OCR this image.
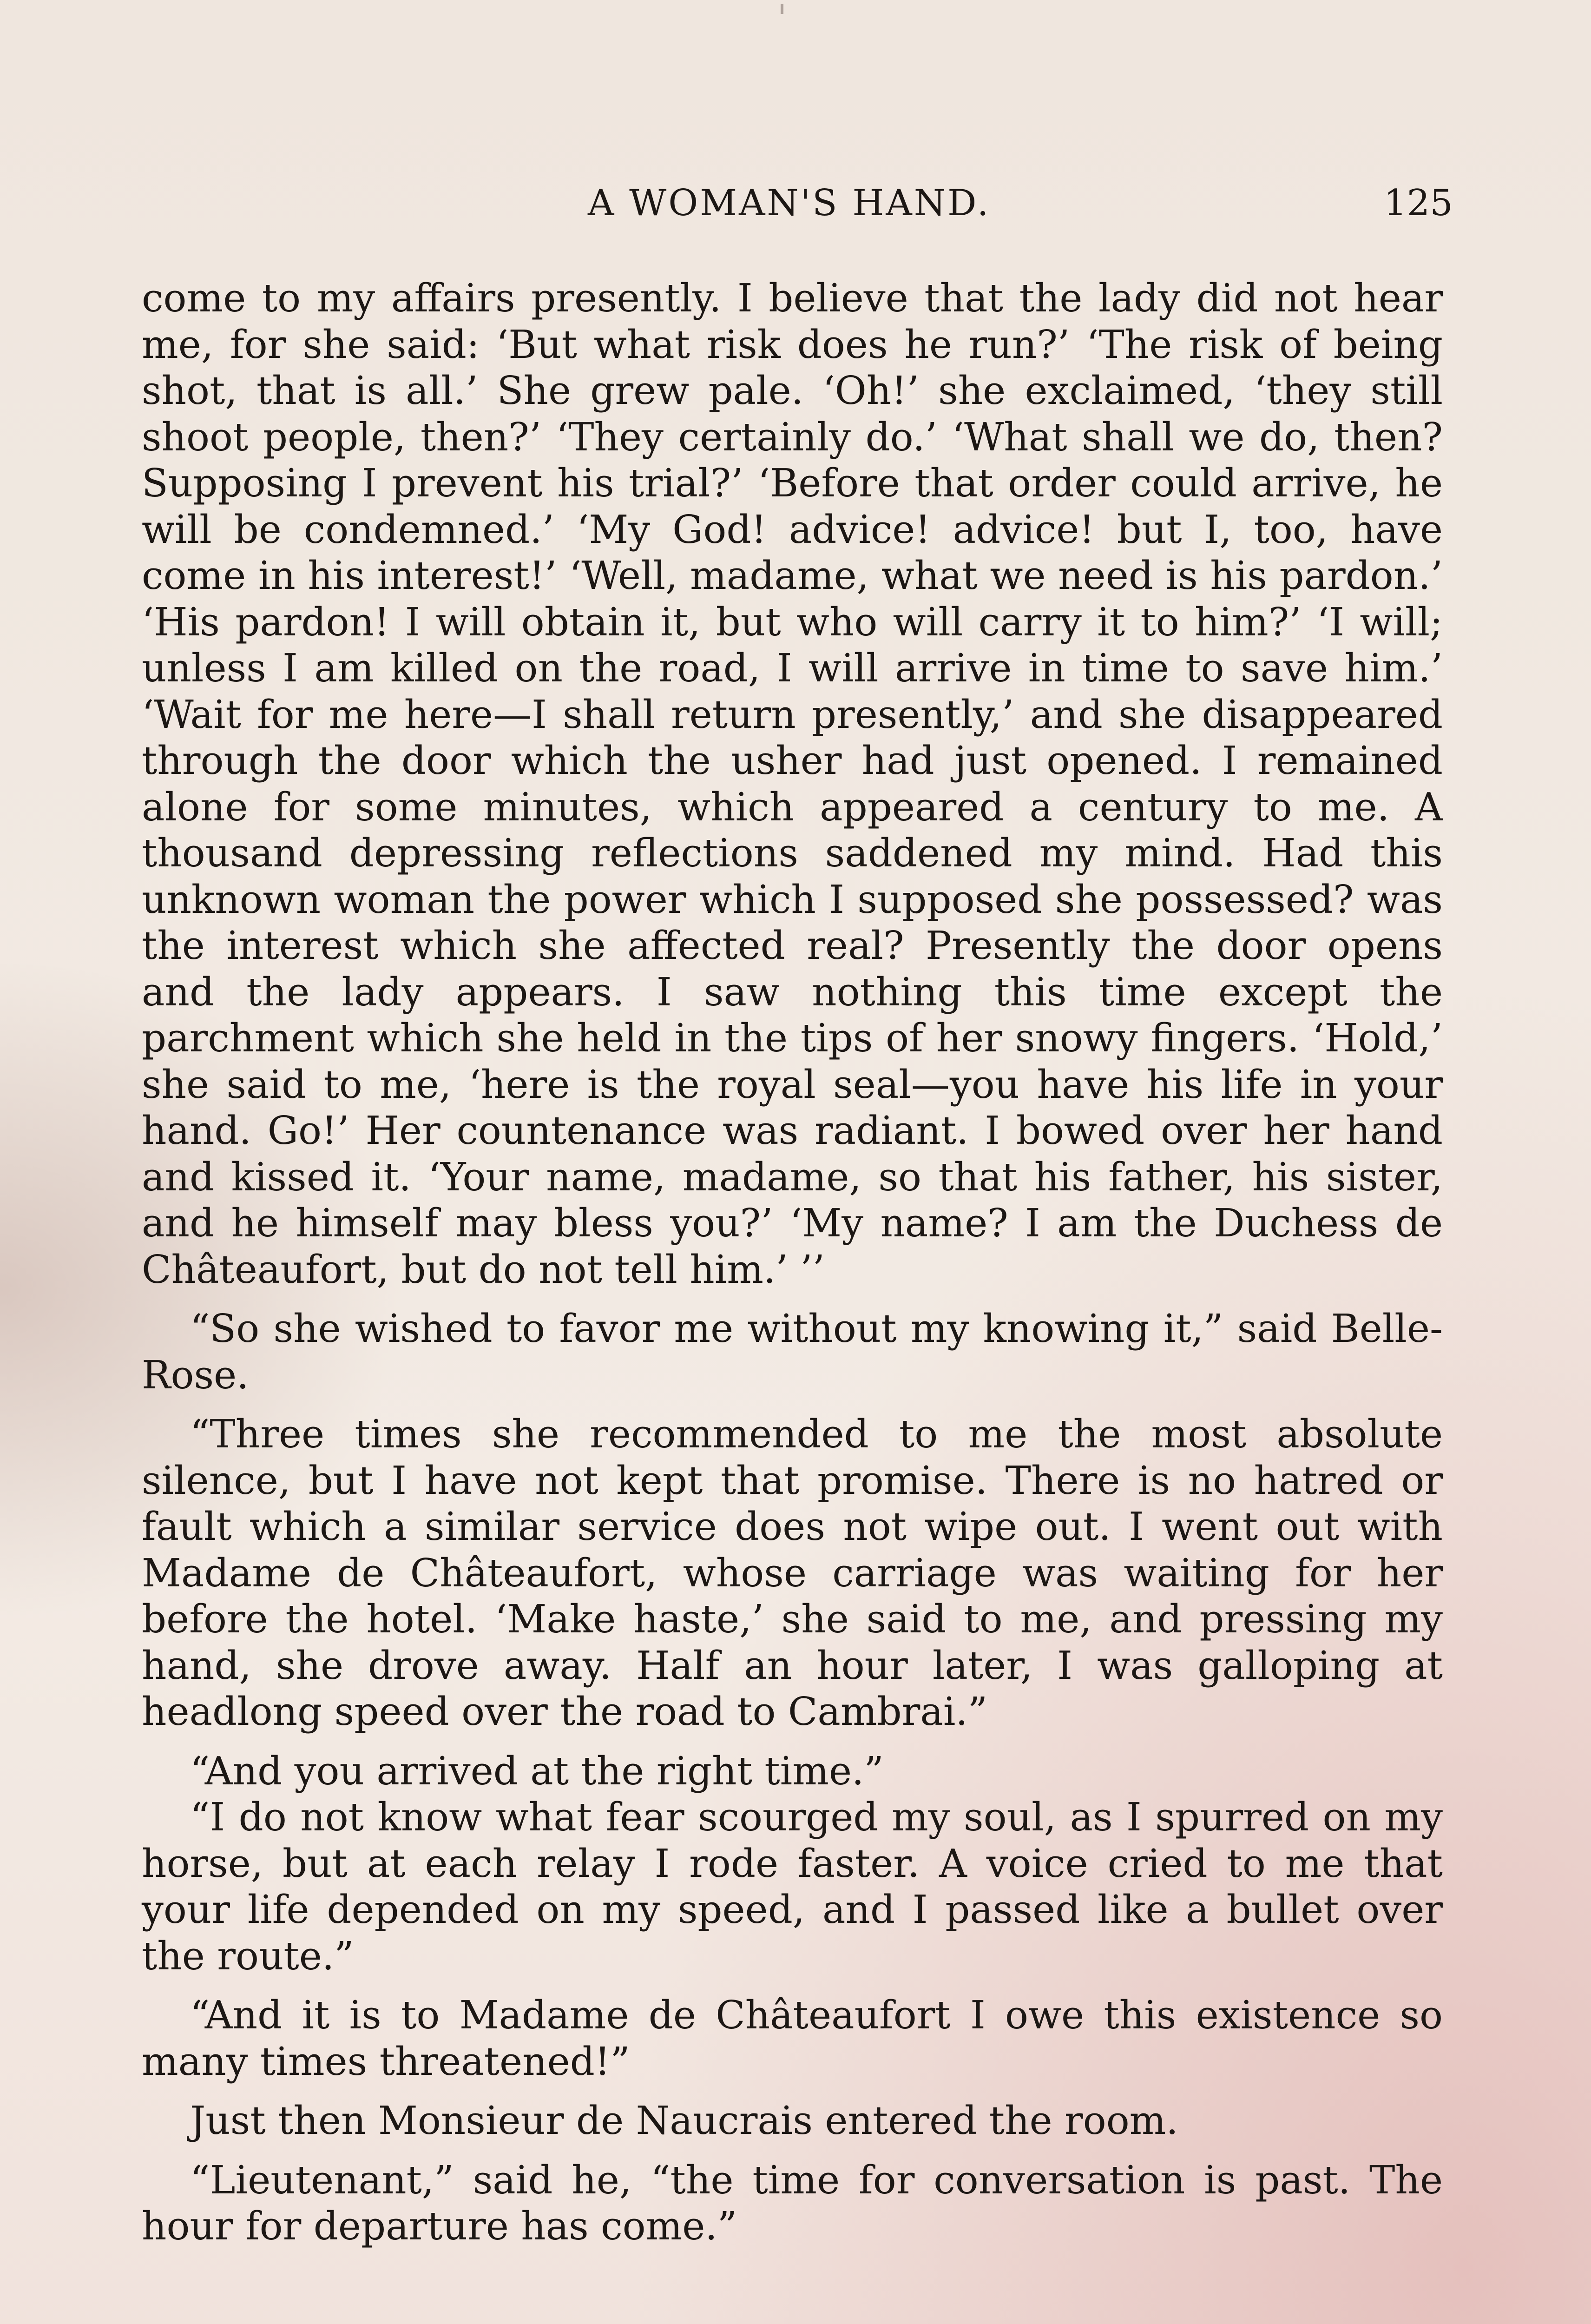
A WOMAN'S HAND.	125

come to my affairs presently. I believe that the lady did not hear me, for she said: ‘But what risk does he run?’ ‘The risk of being shot, that is all.’ She grew pale. ‘Oh!’ she exclaimed, ‘they still shoot people, then?’ ‘They certainly do.’ ‘What shall we do, then? Supposing I prevent his trial?’ ‘Before that order could arrive, he will be condemned.’ ‘My God! advice! advice! but I, too, have come in his interest!’ ‘Well, madame, what we need is his pardon.’ ‘His pardon! I will obtain it, but who will carry it to him?’ ‘I will; unless I am killed on the road, I will arrive in time to save him.’ ‘Wait for me here—I shall return presently,’ and she disappeared through the door which the usher had just opened. I remained alone for some minutes, which appeared a century to me. A thousand depressing reflections saddened my mind. Had this unknown woman the power which I supposed she possessed? was the interest which she affected real? Presently the door opens and the lady appears. I saw nothing this time except the parchment which she held in the tips of her snowy fingers. ‘Hold,’ she said to me, ‘here is the royal seal—you have his life in your hand. Go!’ Her countenance was radiant. I bowed over her hand and kissed it. ‘Your name, madame, so that his father, his sister, and he himself may bless you?’ ‘My name? I am the Duchess de Châteaufort, but do not tell him.’ ’’

“So she wished to favor me without my knowing it,” said Belle-Rose.

“Three times she recommended to me the most absolute silence, but I have not kept that promise. There is no hatred or fault which a similar service does not wipe out. I went out with Madame de Châteaufort, whose carriage was waiting for her before the hotel. ‘Make haste,’ she said to me, and pressing my hand, she drove away. Half an hour later, I was galloping at headlong speed over the road to Cambrai.”

“And you arrived at the right time.”

“I do not know what fear scourged my soul, as I spurred on my horse, but at each relay I rode faster. A voice cried to me that your life depended on my speed, and I passed like a bullet over the route.”

“And it is to Madame de Châteaufort I owe this existence so many times threatened!”

Just then Monsieur de Naucrais entered the room.

“Lieutenant,” said he, “the time for conversation is past. The hour for departure has come.”
